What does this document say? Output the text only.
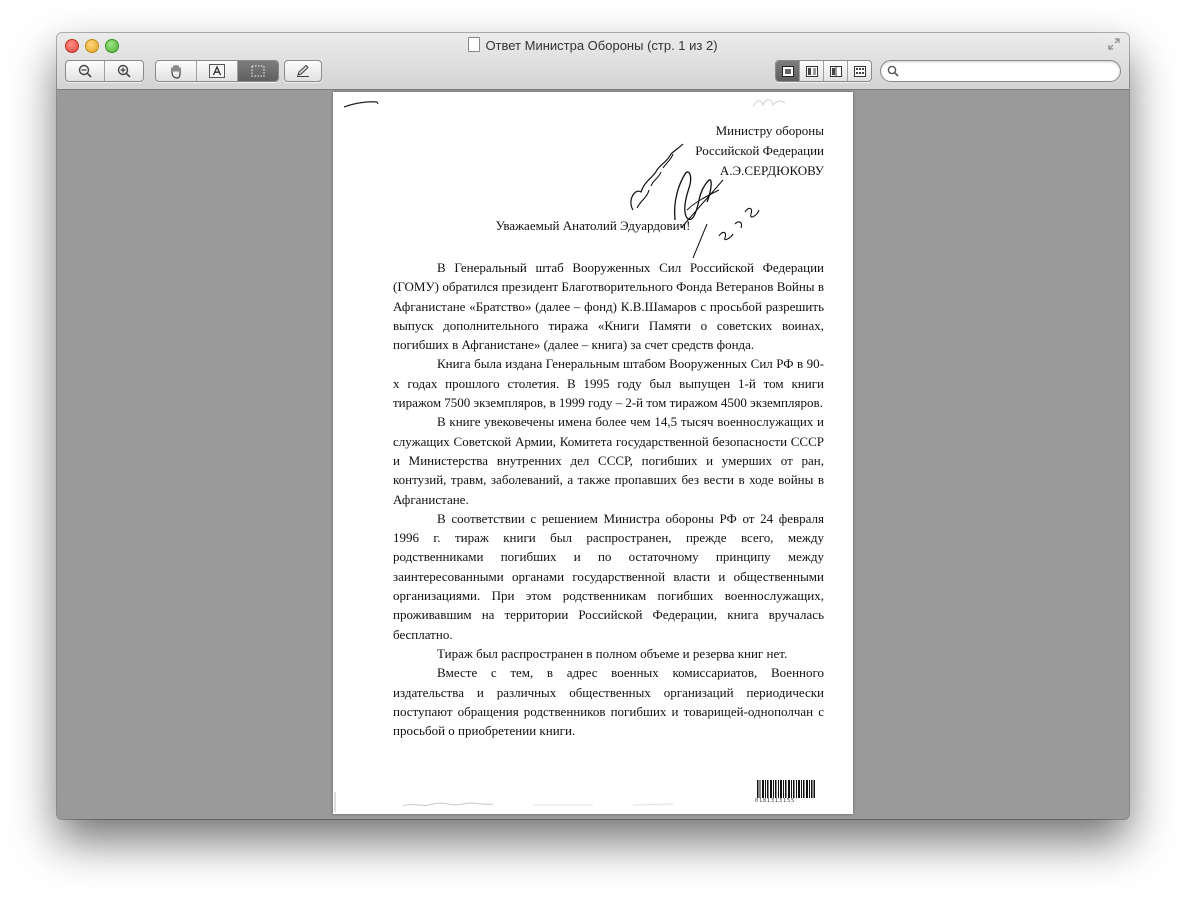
Ответ Министра Обороны (стр. 1 из 2)
Министру обороны
Российской Федерации
А.Э.СЕРДЮКОВУ
Уважаемый Анатолий Эдуардович!

В Генеральный штаб Вооруженных Сил Российской Федерации (ГОМУ) обратился президент Благотворительного Фонда Ветеранов Войны в Афганистане «Братство» (далее – фонд) К.В.Шамаров с просьбой разрешить выпуск дополнительного тиража «Книги Памяти о советских воинах, погибших в Афганистане» (далее – книга) за счет средств фонда.

Книга была издана Генеральным штабом Вооруженных Сил РФ в 90-х годах прошлого столетия. В 1995 году был выпущен 1-й том книги тиражом 7500 экземпляров, в 1999 году – 2-й том тиражом 4500 экземпляров.

В книге увековечены имена более чем 14,5 тысяч военнослужащих и служащих Советской Армии, Комитета государственной безопасности СССР и Министерства внутренних дел СССР, погибших и умерших от ран, контузий, травм, заболеваний, а также пропавших без вести в ходе войны в Афганистане.

В соответствии с решением Министра обороны РФ от 24 февраля 1996 г. тираж книги был распространен, прежде всего, между родственниками погибших и по остаточному принципу между заинтересованными органами государственной власти и общественными организациями. При этом родственникам погибших военнослужащих, проживавшим на территории Российской Федерации, книга вручалась бесплатно.

Тираж был распространен в полном объеме и резерва книг нет.

Вместе с тем, в адрес военных комиссариатов, Военного издательства и различных общественных организаций периодически поступают обращения родственников погибших и товарищей-однополчан с просьбой о приобретении книги.

0181313155
